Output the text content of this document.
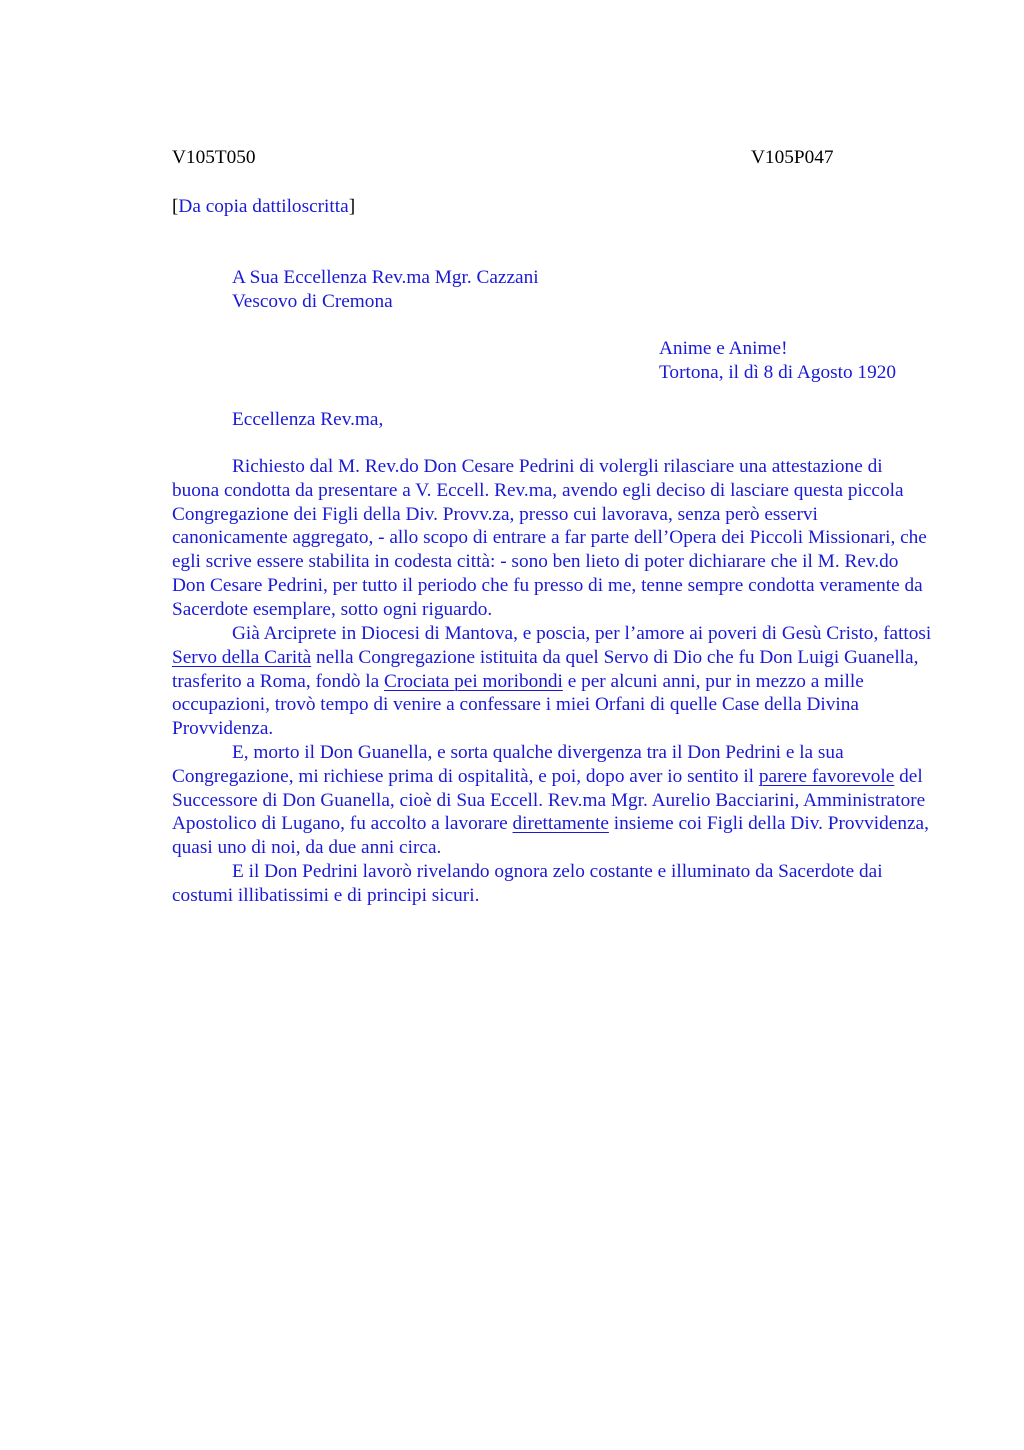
V105T050	V105P047
[Da copia dattiloscritta]
A Sua Eccellenza Rev.ma Mgr. Cazzani
Vescovo di Cremona
Anime e Anime!
Tortona, il dì 8 di Agosto 1920
Eccellenza Rev.ma,

Richiesto dal M. Rev.do Don Cesare Pedrini di volergli rilasciare una attestazione di buona condotta da presentare a V. Eccell. Rev.ma, avendo egli deciso di lasciare questa piccola Congregazione dei Figli della Div. Provv.za, presso cui lavorava, senza però esservi canonicamente aggregato, - allo scopo di entrare a far parte dell’Opera dei Piccoli Missionari, che egli scrive essere stabilita in codesta città: - sono ben lieto di poter dichiarare che il M. Rev.do Don Cesare Pedrini, per tutto il periodo che fu presso di me, tenne sempre condotta veramente da Sacerdote esemplare, sotto ogni riguardo.

Già Arciprete in Diocesi di Mantova, e poscia, per l’amore ai poveri di Gesù Cristo, fattosi Servo della Carità nella Congregazione istituita da quel Servo di Dio che fu Don Luigi Guanella, trasferito a Roma, fondò la Crociata pei moribondi e per alcuni anni, pur in mezzo a mille occupazioni, trovò tempo di venire a confessare i miei Orfani di quelle Case della Divina Provvidenza.

E, morto il Don Guanella, e sorta qualche divergenza tra il Don Pedrini e la sua Congregazione, mi richiese prima di ospitalità, e poi, dopo aver io sentito il parere favorevole del Successore di Don Guanella, cioè di Sua Eccell. Rev.ma Mgr. Aurelio Bacciarini, Amministratore Apostolico di Lugano, fu accolto a lavorare direttamente insieme coi Figli della Div. Provvidenza, quasi uno di noi, da due anni circa.

E il Don Pedrini lavorò rivelando ognora zelo costante e illuminato da Sacerdote dai costumi illibatissimi e di principi sicuri.
